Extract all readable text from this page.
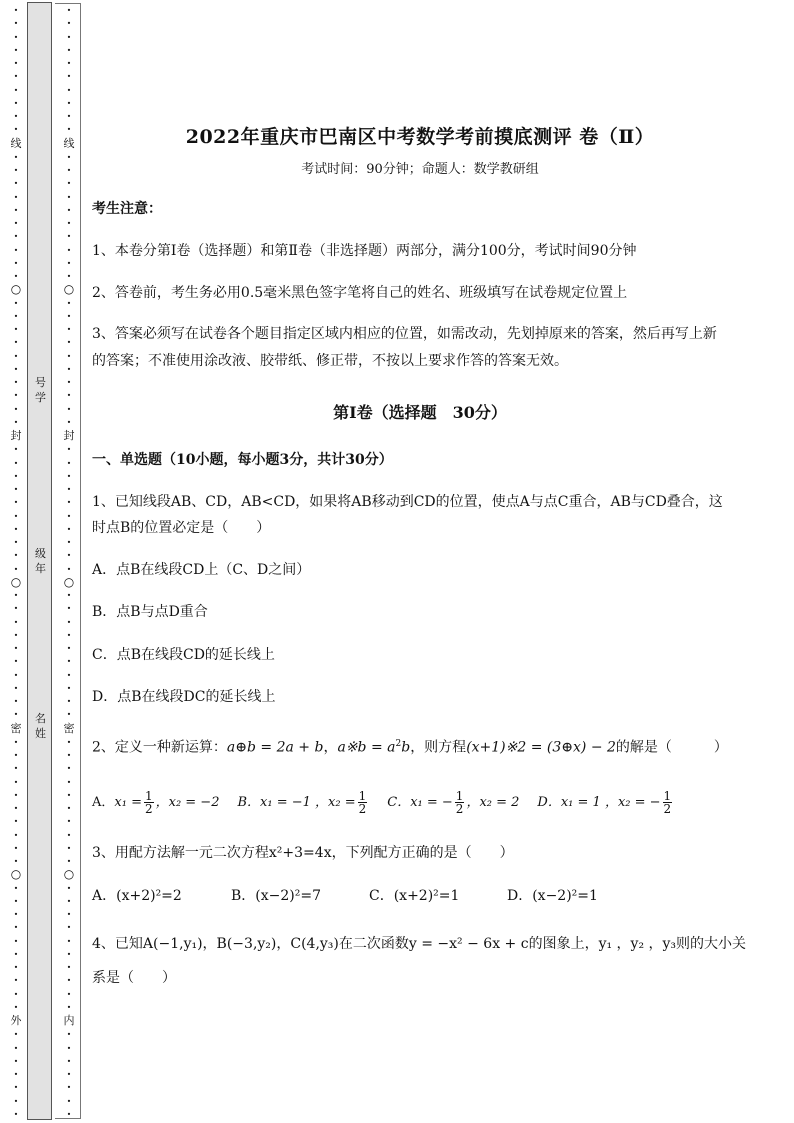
·
·
·
·
·
·
·
·
·
·
线
·
·
·
·
·
·
·
·
·
·
○
·
·
·
·
·
·
·
·
·
·
封
·
·
·
·
·
·
·
·
·
·
○
·
·
·
·
·
·
·
·
·
·
密
·
·
·
·
·
·
·
·
·
·
○
·
·
·
·
·
·
·
·
·
·
外
·
·
·
·
·
·
·
号
学
级
年
名
姓
·
·
·
·
·
·
·
·
·
·
线
·
·
·
·
·
·
·
·
·
·
○
·
·
·
·
·
·
·
·
·
·
封
·
·
·
·
·
·
·
·
·
·
○
·
·
·
·
·
·
·
·
·
·
密
·
·
·
·
·
·
·
·
·
·
○
·
·
·
·
·
·
·
·
·
·
内
·
·
·
·
·
·
·
2022年重庆市巴南区中考数学考前摸底测评 卷（Ⅱ）
考试时间：90分钟；命题人：数学教研组
考生注意：
1、本卷分第Ⅰ卷（选择题）和第Ⅱ卷（非选择题）两部分，满分100分，考试时间90分钟
2、答卷前，考生务必用0.5毫米黑色签字笔将自己的姓名、班级填写在试卷规定位置上
3、答案必须写在试卷各个题目指定区域内相应的位置，如需改动，先划掉原来的答案，然后再写上新
的答案；不准使用涂改液、胶带纸、修正带，不按以上要求作答的答案无效。
第Ⅰ卷（选择题　30分）
一、单选题（10小题，每小题3分，共计30分）
1、已知线段AB、CD，AB<CD，如果将AB移动到CD的位置，使点A与点C重合，AB与CD叠合，这
时点B的位置必定是（　　）
A．点B在线段CD上（C、D之间）
B．点B与点D重合
C．点B在线段CD的延长线上
D．点B在线段DC的延长线上
2、定义一种新运算：a⊕b = 2a + b，a※b = $a^2b$，则方程(x+1)※2 = (3⊕x) − 2的解是（　　　）
A．$x_1 = \frac{1}{2}$ ，x₂ = −2 B．x₁ = −1 ，$x_2 = \frac{1}{2}$ C．x₁ = − $\frac{1}{2}$ ，x₂ = 2 D．x₁ = 1 ，x₂ = − $\frac{1}{2}$
3、用配方法解一元二次方程x²+3=4x，下列配方正确的是（　　）
A．(x+2)²=2	B．(x−2)²=7	C．(x+2)²=1	D．(x−2)²=1
4、已知A(−1,y₁)，B(−3,y₂)，C(4,y₃)在二次函数y = −x² − 6x + c的图象上，y₁ ，y₂ ，y₃则的大小关
系是（　　）
